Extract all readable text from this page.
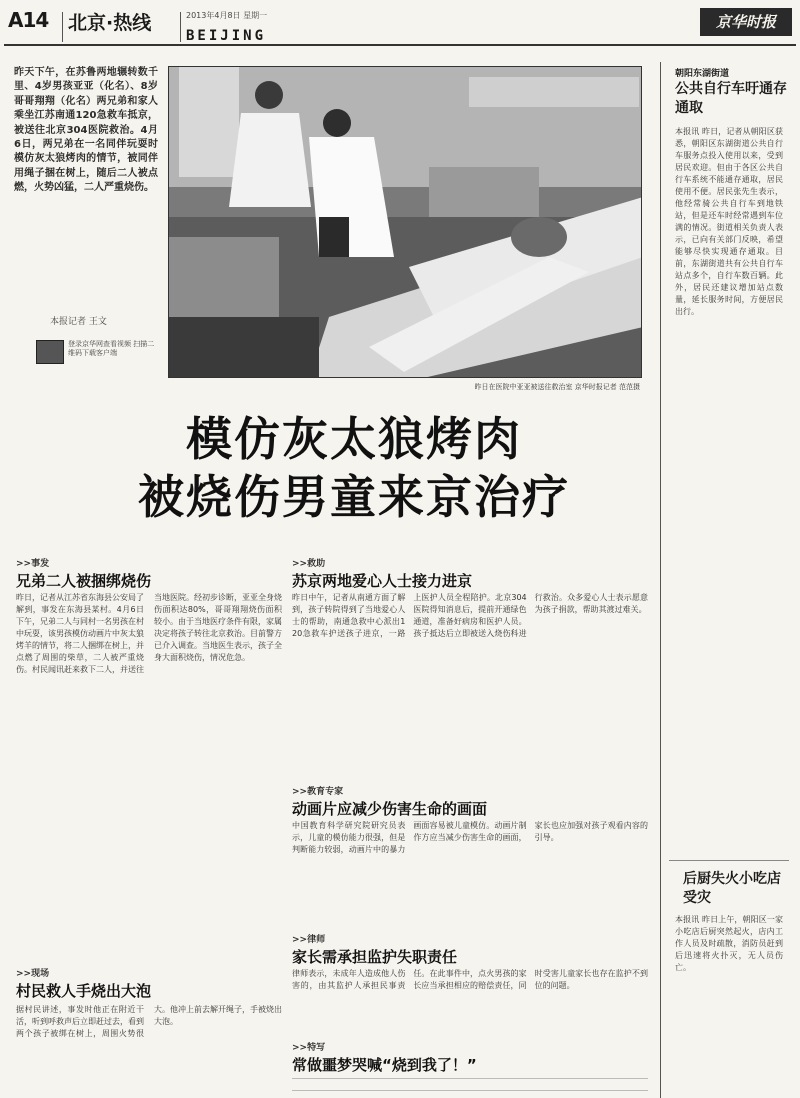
A14 北京·热线	2013年4月8日 星期一
BEIJING
京华时报
昨天下午，在苏鲁两地辗转数千里、4岁男孩亚亚（化名）、8岁哥哥翔翔（化名）两兄弟和家人乘坐江苏南通120急救车抵京，被送往北京304医院救治。4月6日，两兄弟在一名同伴玩耍时模仿灰太狼烤肉的情节，被同伴用绳子捆在树上，随后二人被点燃，火势凶猛，二人严重烧伤。
本报记者 王文
登录京华网查看视频 扫描二维码下载客户端
昨日在医院中亚亚被送往救治室 京华时报记者 范范摄
模仿灰太狼烤肉
被烧伤男童来京治疗
>>事发
兄弟二人被捆绑烧伤
昨日，记者从江苏省东海县公安局了解到，事发在东海县某村。4月6日下午，兄弟二人与同村一名男孩在村中玩耍，该男孩模仿动画片中灰太狼烤羊的情节，将二人捆绑在树上，并点燃了周围的柴草，二人被严重烧伤。村民闻讯赶来救下二人，并送往当地医院。经初步诊断，亚亚全身烧伤面积达80%，哥哥翔翔烧伤面积较小。由于当地医疗条件有限，家属决定将孩子转往北京救治。目前警方已介入调查。当地医生表示，孩子全身大面积烧伤，情况危急。
>>现场
村民救人手烧出大泡
据村民讲述，事发时他正在附近干活，听到呼救声后立即赶过去，看到两个孩子被绑在树上，周围火势很大。他冲上前去解开绳子，手被烧出大泡。
>>救助
苏京两地爱心人士接力进京
昨日中午，记者从南通方面了解到，孩子转院得到了当地爱心人士的帮助，南通急救中心派出120急救车护送孩子进京，一路上医护人员全程陪护。北京304医院得知消息后，提前开通绿色通道，准备好病房和医护人员。孩子抵达后立即被送入烧伤科进行救治。众多爱心人士表示愿意为孩子捐款，帮助其渡过难关。
>>教育专家
动画片应减少伤害生命的画面
中国教育科学研究院研究员表示，儿童的模仿能力很强，但是判断能力较弱，动画片中的暴力画面容易被儿童模仿。动画片制作方应当减少伤害生命的画面，家长也应加强对孩子观看内容的引导。
>>律师
家长需承担监护失职责任
律师表示，未成年人造成他人伤害的，由其监护人承担民事责任。在此事件中，点火男孩的家长应当承担相应的赔偿责任，同时受害儿童家长也存在监护不到位的问题。
>>特写
常做噩梦哭喊“烧到我了！”
朝阳东湖街道
公共自行车吁通存通取
本报讯 昨日，记者从朝阳区获悉，朝阳区东湖街道公共自行车服务点投入使用以来，受到居民欢迎。但由于各区公共自行车系统不能通存通取，居民使用不便。居民张先生表示，他经常骑公共自行车到地铁站，但是还车时经常遇到车位满的情况。街道相关负责人表示，已向有关部门反映，希望能够尽快实现通存通取。目前，东湖街道共有公共自行车站点多个，自行车数百辆。此外，居民还建议增加站点数量，延长服务时间，方便居民出行。
后厨失火小吃店受灾
本报讯 昨日上午，朝阳区一家小吃店后厨突然起火，店内工作人员及时疏散，消防员赶到后迅速将火扑灭，无人员伤亡。
